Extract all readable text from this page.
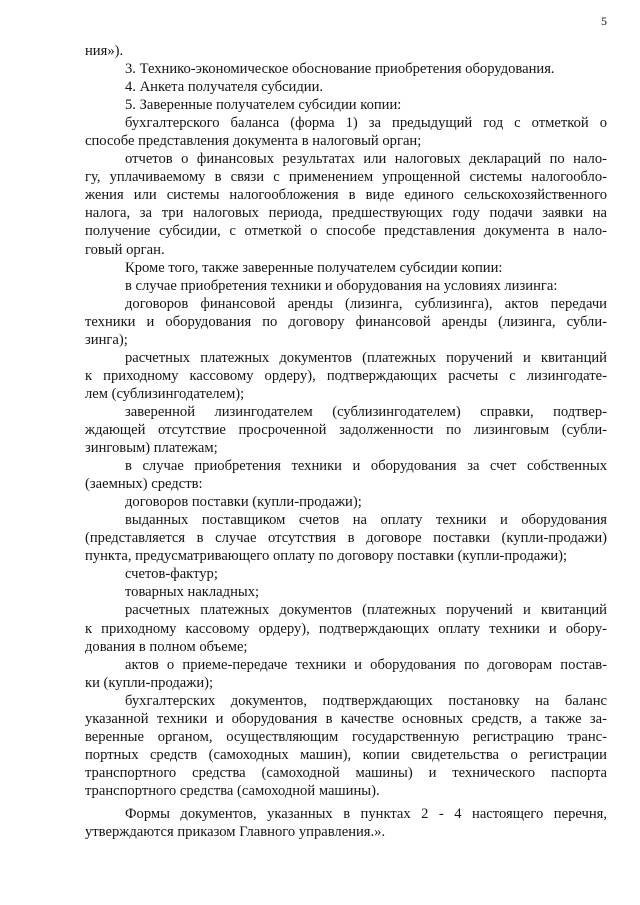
5
ния»).
3. Технико-экономическое обоснование приобретения оборудования.
4. Анкета получателя субсидии.
5. Заверенные получателем субсидии копии:
бухгалтерского баланса (форма 1) за предыдущий год с отметкой о
способе представления документа в налоговый орган;
отчетов о финансовых результатах или налоговых деклараций по нало-
гу, уплачиваемому в связи с применением упрощенной системы налогообло-
жения или системы налогообложения в виде единого сельскохозяйственного
налога, за три налоговых периода, предшествующих году подачи заявки на
получение субсидии, с отметкой о способе представления документа в нало-
говый орган.
Кроме того, также заверенные получателем субсидии копии:
в случае приобретения техники и оборудования на условиях лизинга:
договоров финансовой аренды (лизинга, сублизинга), актов передачи
техники и оборудования по договору финансовой аренды (лизинга, субли-
зинга);
расчетных платежных документов (платежных поручений и квитанций
к приходному кассовому ордеру), подтверждающих расчеты с лизингодате-
лем (сублизингодателем);
заверенной лизингодателем (сублизингодателем) справки, подтвер-
ждающей отсутствие просроченной задолженности по лизинговым (субли-
зинговым) платежам;
в случае приобретения техники и оборудования за счет собственных
(заемных) средств:
договоров поставки (купли-продажи);
выданных поставщиком счетов на оплату техники и оборудования
(представляется в случае отсутствия в договоре поставки (купли-продажи)
пункта, предусматривающего оплату по договору поставки (купли-продажи);
счетов-фактур;
товарных накладных;
расчетных платежных документов (платежных поручений и квитанций
к приходному кассовому ордеру), подтверждающих оплату техники и обору-
дования в полном объеме;
актов о приеме-передаче техники и оборудования по договорам постав-
ки (купли-продажи);
бухгалтерских документов, подтверждающих постановку на баланс
указанной техники и оборудования в качестве основных средств, а также за-
веренные органом, осуществляющим государственную регистрацию транс-
портных средств (самоходных машин), копии свидетельства о регистрации
транспортного средства (самоходной машины) и технического паспорта
транспортного средства (самоходной машины).
Формы документов, указанных в пунктах 2 - 4 настоящего перечня,
утверждаются приказом Главного управления.».
